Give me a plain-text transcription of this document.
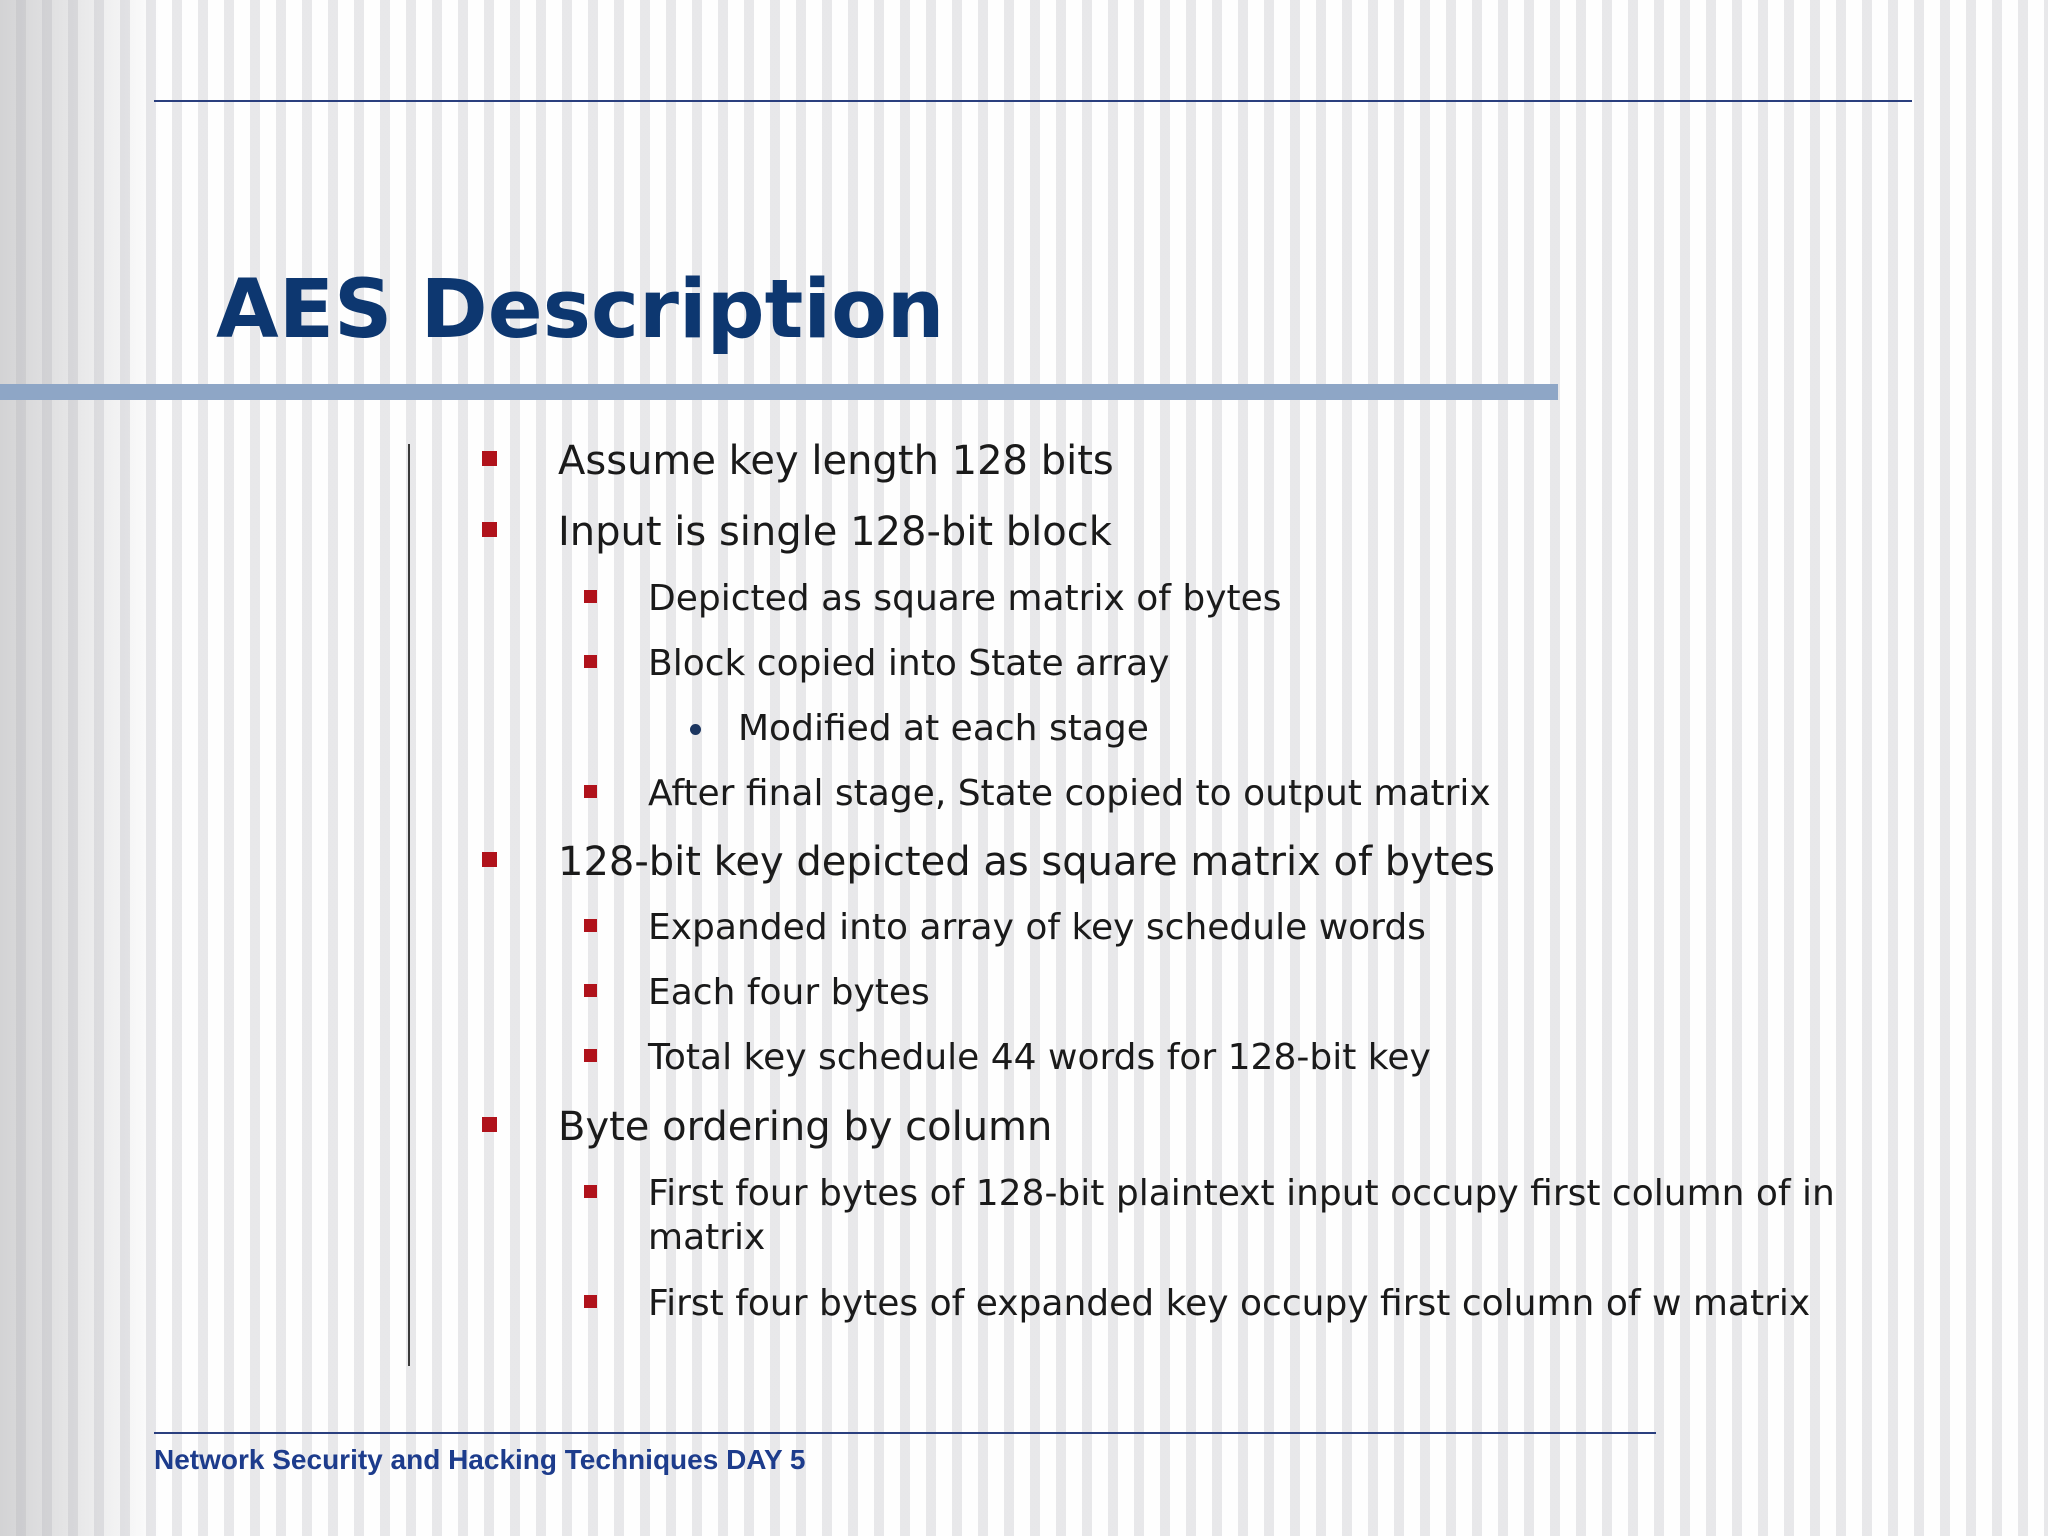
AES Description
Assume key length 128 bits
Input is single 128-bit block
Depicted as square matrix of bytes
Block copied into State array
Modified at each stage
After final stage, State copied to output matrix
128-bit key depicted as square matrix of bytes
Expanded into array of key schedule words
Each four bytes
Total key schedule 44 words for 128-bit key
Byte ordering by column
First four bytes of 128-bit plaintext input occupy first column of in
matrix
First four bytes of expanded key occupy first column of w matrix
Network Security and Hacking Techniques DAY 5
